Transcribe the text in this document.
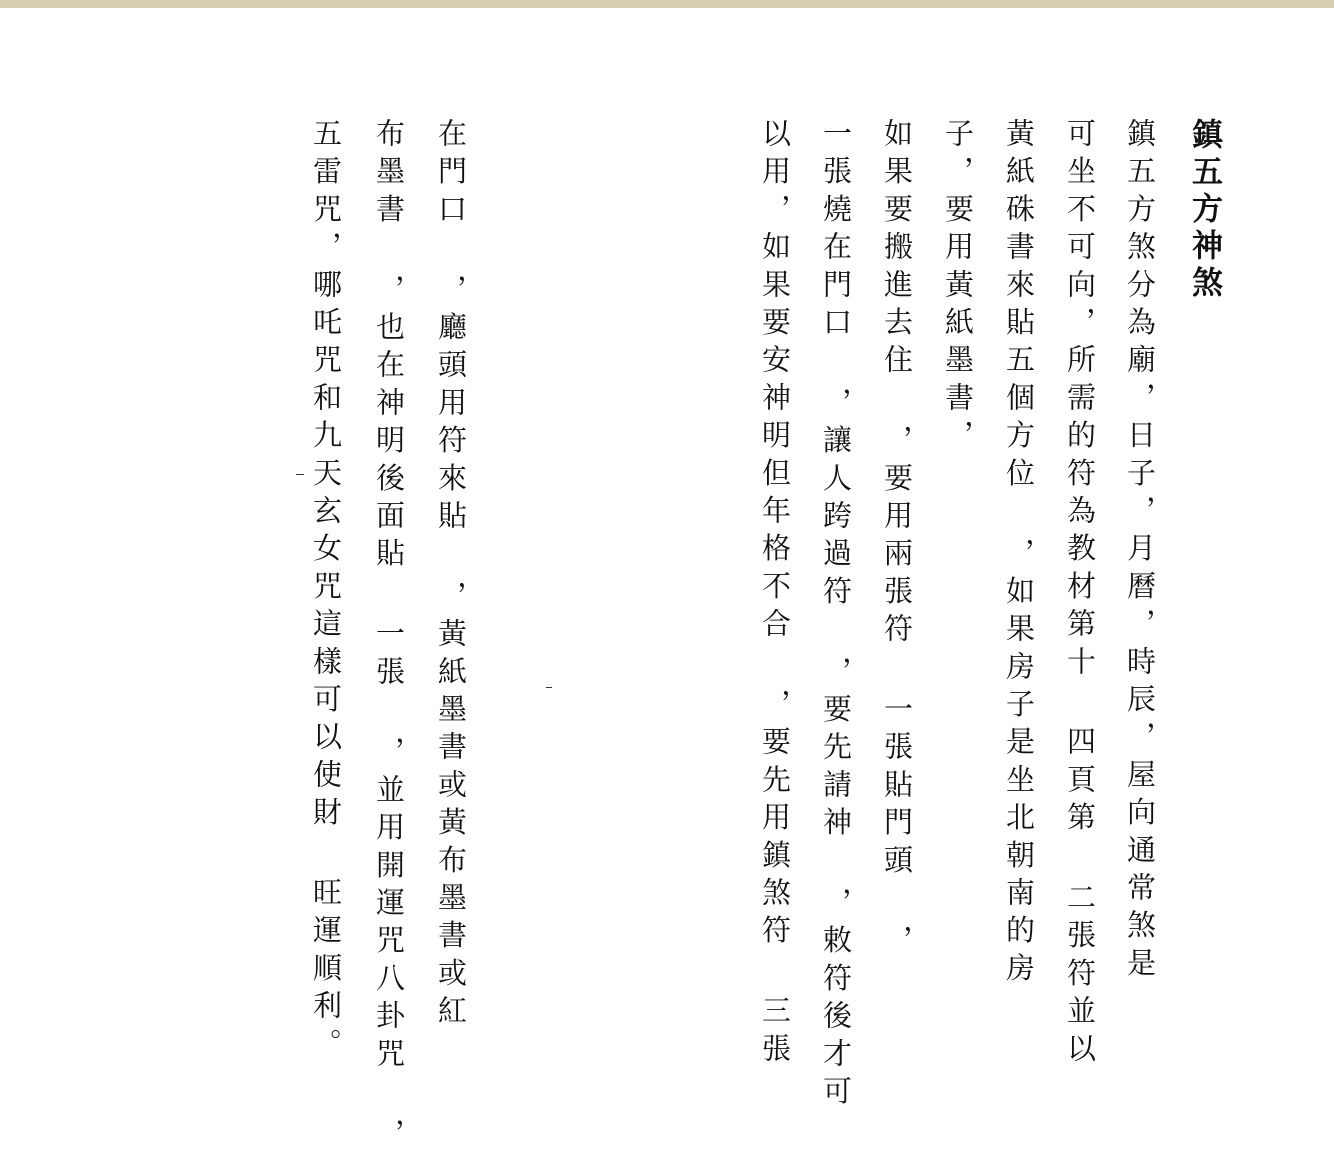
鎮五方神煞
鎮五方煞分為廟，日子，月曆，時辰，屋向通常煞是
可坐不可向，所需的符為教材第十 四頁第 二張符並以
黃紙硃書來貼五個方位 ，如果房子是坐北朝南的房
子，要用黃紙墨書，
如果要搬進去住 ，要用兩張符 一張貼門頭 ，
一張燒在門口 ，讓人跨過符 ，要先請神 ，敕符後才可
以用，如果要安神明但年格不合 ，要先用鎮煞符 三張
在門口 ，廳頭用符來貼 ，黃紙墨書或黃布墨書或紅
布墨書 ，也在神明後面貼 一張 ，並用開運咒八卦咒 ，
五雷咒，哪吒咒和九天玄女咒這樣可以使財 旺運順利。
